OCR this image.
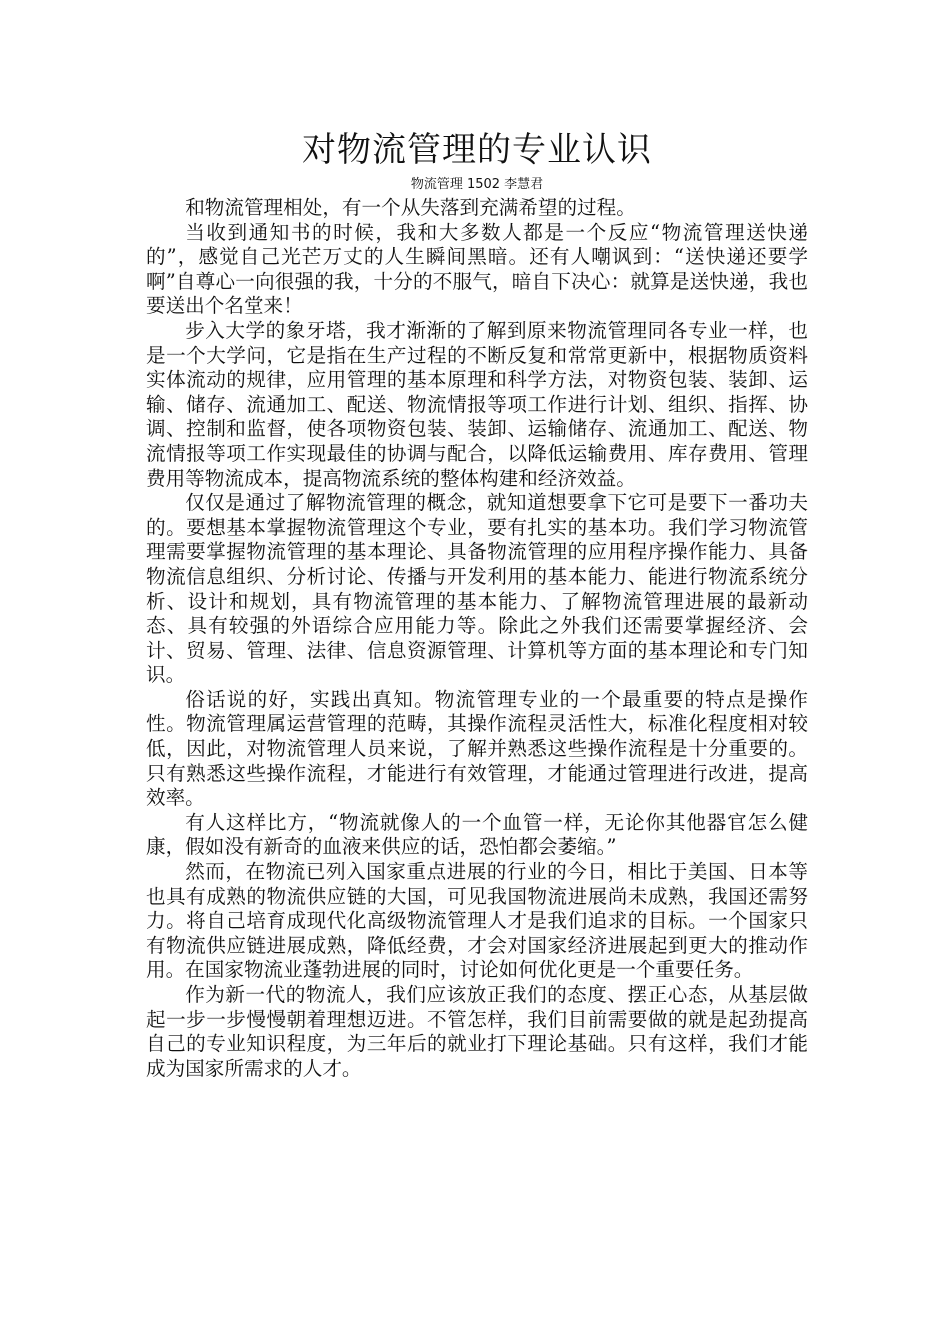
对物流管理的专业认识
物流管理 1502 李慧君

和物流管理相处，有一个从失落到充满希望的过程。

当收到通知书的时候，我和大多数人都是一个反应“物流管理送快递的”，感觉自己光芒万丈的人生瞬间黑暗。还有人嘲讽到：“送快递还要学啊”自尊心一向很强的我，十分的不服气，暗自下决心：就算是送快递，我也要送出个名堂来！

步入大学的象牙塔，我才渐渐的了解到原来物流管理同各专业一样，也是一个大学问，它是指在生产过程的不断反复和常常更新中，根据物质资料实体流动的规律，应用管理的基本原理和科学方法，对物资包装、装卸、运输、储存、流通加工、配送、物流情报等项工作进行计划、组织、指挥、协调、控制和监督，使各项物资包装、装卸、运输储存、流通加工、配送、物流情报等项工作实现最佳的协调与配合，以降低运输费用、库存费用、管理费用等物流成本，提高物流系统的整体构建和经济效益。

仅仅是通过了解物流管理的概念，就知道想要拿下它可是要下一番功夫的。要想基本掌握物流管理这个专业，要有扎实的基本功。我们学习物流管理需要掌握物流管理的基本理论、具备物流管理的应用程序操作能力、具备物流信息组织、分析讨论、传播与开发利用的基本能力、能进行物流系统分析、设计和规划，具有物流管理的基本能力、了解物流管理进展的最新动态、具有较强的外语综合应用能力等。除此之外我们还需要掌握经济、会计、贸易、管理、法律、信息资源管理、计算机等方面的基本理论和专门知识。

俗话说的好，实践出真知。物流管理专业的一个最重要的特点是操作性。物流管理属运营管理的范畴，其操作流程灵活性大，标准化程度相对较低，因此，对物流管理人员来说，了解并熟悉这些操作流程是十分重要的。只有熟悉这些操作流程，才能进行有效管理，才能通过管理进行改进，提高效率。

有人这样比方，“物流就像人的一个血管一样，无论你其他器官怎么健康，假如没有新奇的血液来供应的话，恐怕都会萎缩。”

然而，在物流已列入国家重点进展的行业的今日，相比于美国、日本等也具有成熟的物流供应链的大国，可见我国物流进展尚未成熟，我国还需努力。将自己培育成现代化高级物流管理人才是我们追求的目标。一个国家只有物流供应链进展成熟，降低经费，才会对国家经济进展起到更大的推动作用。在国家物流业蓬勃进展的同时，讨论如何优化更是一个重要任务。

作为新一代的物流人，我们应该放正我们的态度、摆正心态，从基层做起一步一步慢慢朝着理想迈进。不管怎样，我们目前需要做的就是起劲提高自己的专业知识程度，为三年后的就业打下理论基础。只有这样，我们才能成为国家所需求的人才。
